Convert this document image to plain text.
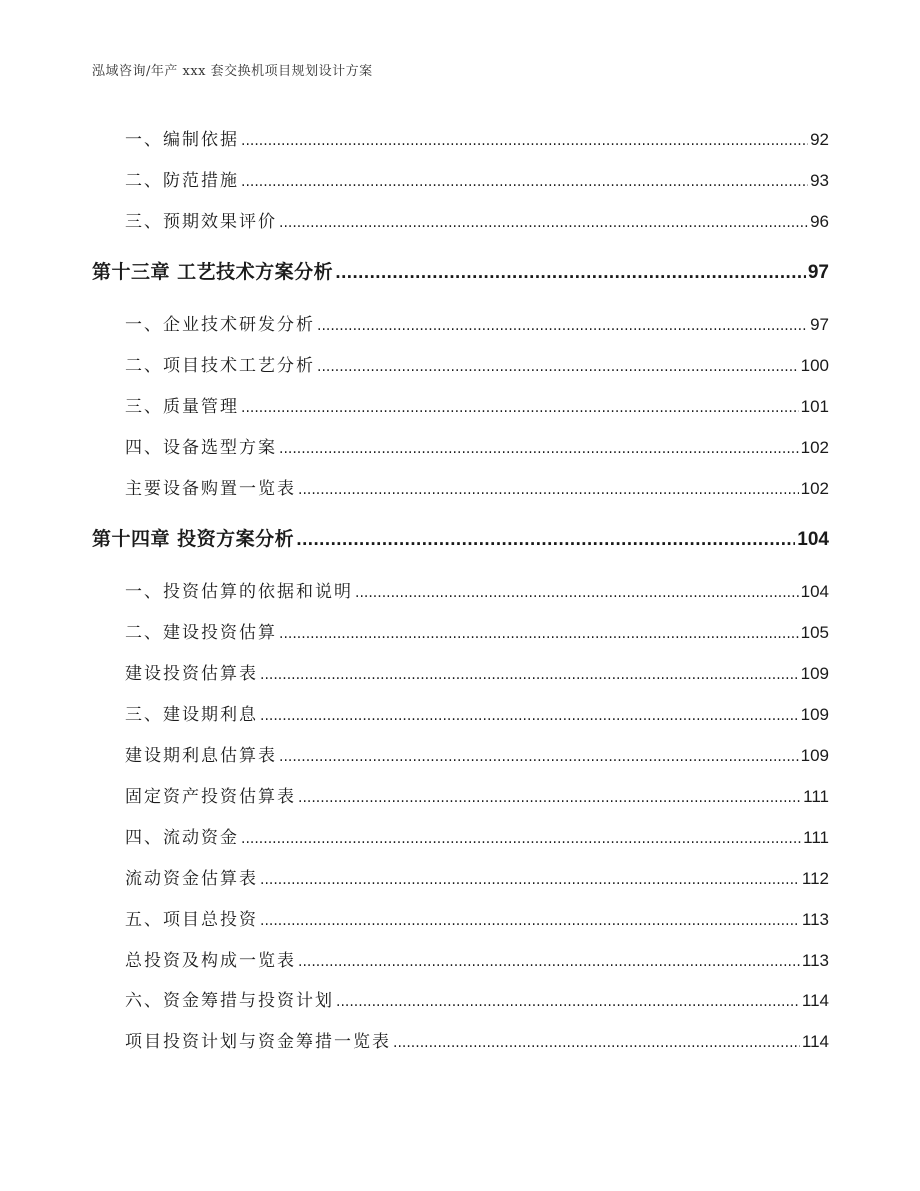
泓域咨询/年产 xxx 套交换机项目规划设计方案
一、 编制依据 .....	92
二、 防范措施 .....	93
三、 预期效果评价 .....	96
第十三章 工艺技术方案分析 .....	97
一、 企业技术研发分析 .....	97
二、 项目技术工艺分析 .....	100
三、 质量管理 .....	101
四、 设备选型方案 .....	102
主要设备购置一览表 .....	102
第十四章 投资方案分析 .....	104
一、 投资估算的依据和说明 .....	104
二、 建设投资估算 .....	105
建设投资估算表 .....	109
三、 建设期利息 .....	109
建设期利息估算表 .....	109
固定资产投资估算表 .....	111
四、 流动资金 .....	111
流动资金估算表 .....	112
五、 项目总投资 .....	113
总投资及构成一览表 .....	113
六、 资金筹措与投资计划 .....	114
项目投资计划与资金筹措一览表 .....	114
